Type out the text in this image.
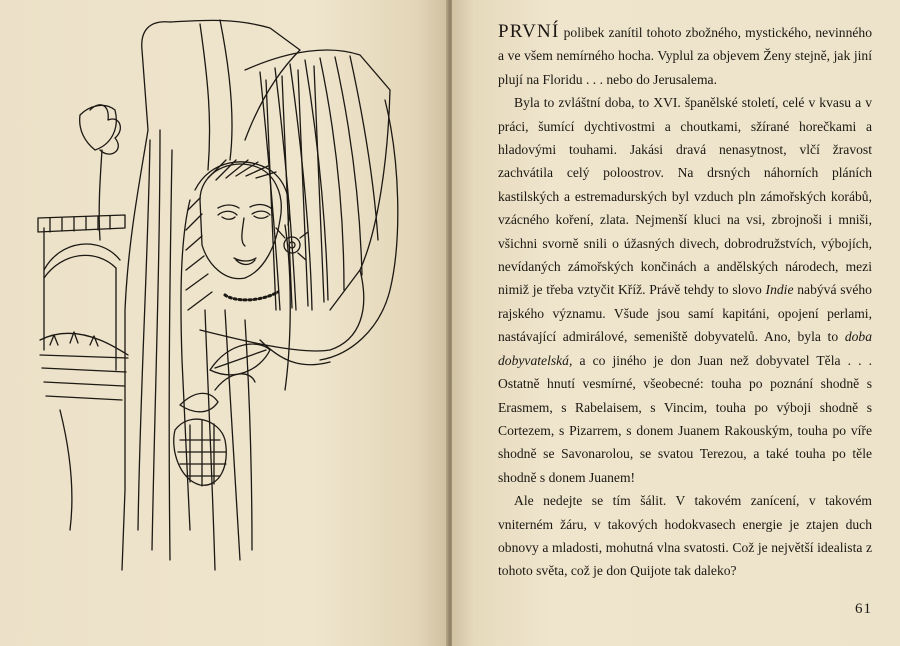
PRVNÍ polibek zanítil tohoto zbožného, mystického, nevinného a ve všem nemírného hocha. Vyplul za objevem Ženy stejně, jak jiní plují na Floridu . . . nebo do Jerusalema.

Byla to zvláštní doba, to XVI. španělské století, celé v kvasu a v práci, šumící dychtivostmi a choutkami, sžírané horečkami a hladovými touhami. Jakási dravá nenasytnost, vlčí žravost zachvátila celý poloostrov. Na drsných náhorních pláních kastilských a estremadurských byl vzduch pln zámořských korábů, vzácného koření, zlata. Nejmenší kluci na vsi, zbrojnoši i mniši, všichni svorně snili o úžasných divech, dobrodružstvích, výbojích, nevídaných zámořských končinách a andělských národech, mezi nimiž je třeba vztyčit Kříž. Právě tehdy to slovo Indie nabývá svého rajského významu. Všude jsou samí kapitáni, opojení perlami, nastávající admirálové, semeniště dobyvatelů. Ano, byla to doba dobyvatelská, a co jiného je don Juan než dobyvatel Těla . . . Ostatně hnutí vesmírné, všeobecné: touha po poznání shodně s Erasmem, s Rabelaisem, s Vincim, touha po výboji shodně s Cortezem, s Pizarrem, s donem Juanem Rakouským, touha po víře shodně se Savonarolou, se svatou Terezou, a také touha po těle shodně s donem Juanem!

Ale nedejte se tím šálit. V takovém zanícení, v takovém vniterném žáru, v takových hodokvasech energie je ztajen duch obnovy a mladosti, mohutná vlna svatosti. Což je největší idealista z tohoto světa, což je don Quijote tak daleko?

61
